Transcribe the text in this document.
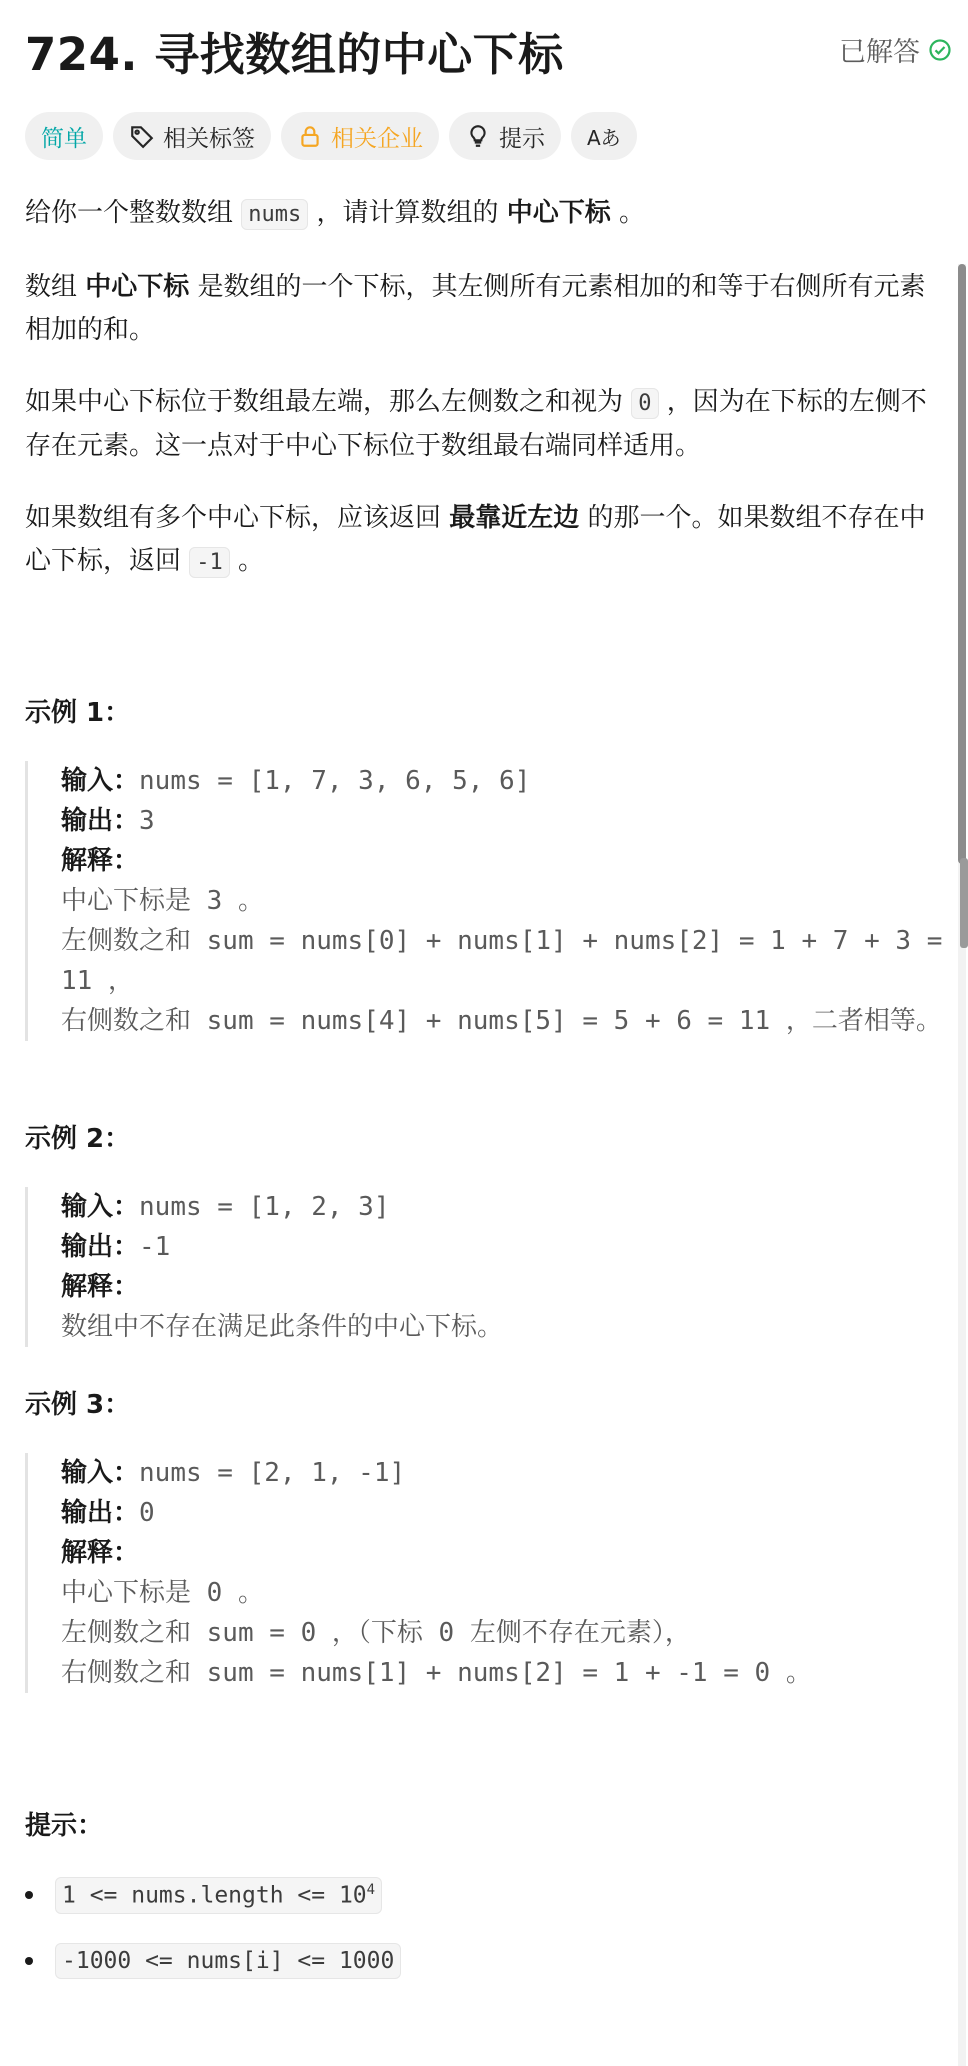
724. 寻找数组的中心下标	已解答
简单	相关标签	相关企业	提示 Aあ
给你一个整数数组 nums ，请计算数组的 中心下标 。
数组 中心下标 是数组的一个下标，其左侧所有元素相加的和等于右侧所有元素相加的和。
如果中心下标位于数组最左端，那么左侧数之和视为 0 ，因为在下标的左侧不存在元素。这一点对于中心下标位于数组最右端同样适用。
如果数组有多个中心下标，应该返回 最靠近左边 的那一个。如果数组不存在中心下标，返回 -1 。
示例 1：
输入：nums = [1, 7, 3, 6, 5, 6]
输出：3
解释：
中心下标是 3 。
左侧数之和 sum = nums[0] + nums[1] + nums[2] = 1 + 7 + 3 = 11 ，
右侧数之和 sum = nums[4] + nums[5] = 5 + 6 = 11 ，二者相等。
示例 2：
输入：nums = [1, 2, 3]
输出：-1
解释：
数组中不存在满足此条件的中心下标。
示例 3：
输入：nums = [2, 1, -1]
输出：0
解释：
中心下标是 0 。
左侧数之和 sum = 0 ，（下标 0 左侧不存在元素），
右侧数之和 sum = nums[1] + nums[2] = 1 + -1 = 0 。
提示：
1 <= nums.length <= $10^4$
-1000 <= nums[i] <= 1000
